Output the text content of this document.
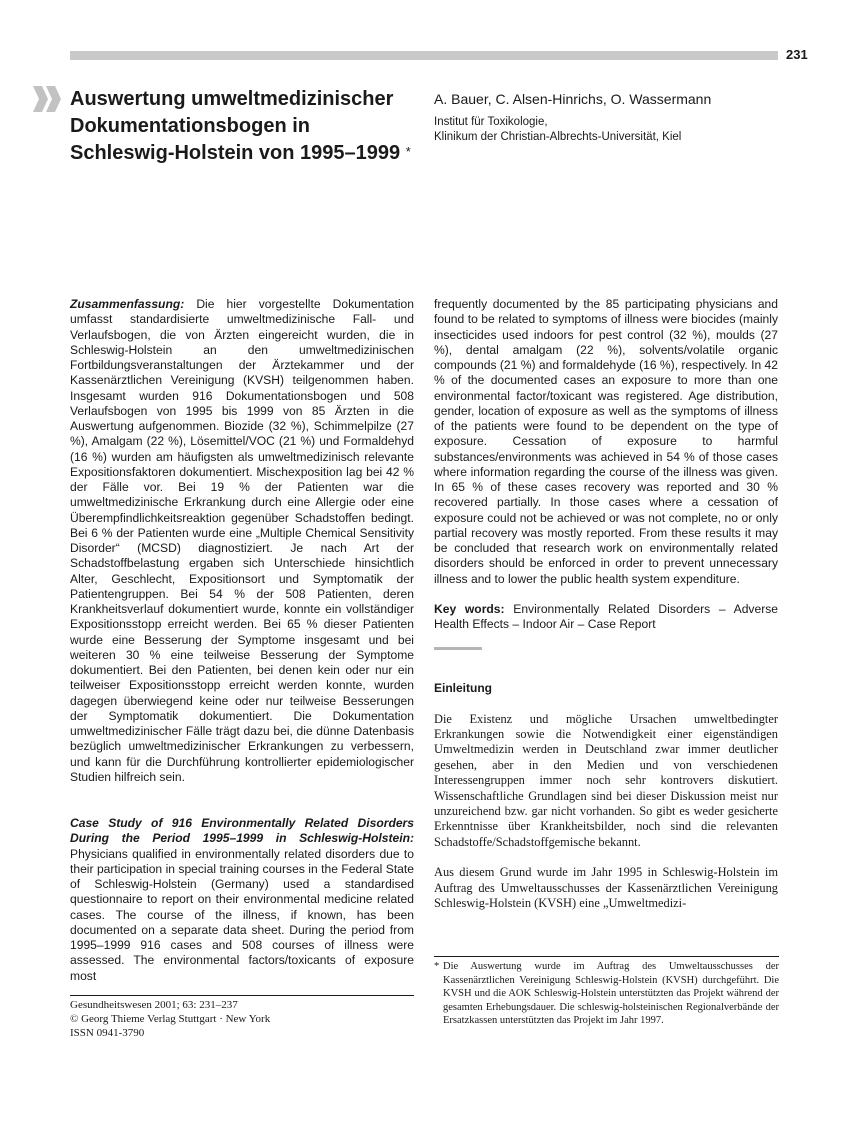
231
Auswertung umweltmedizinischer
Dokumentationsbogen in
Schleswig-Holstein von 1995–1999 *
A. Bauer, C. Alsen-Hinrichs, O. Wassermann
Institut für Toxikologie,
Klinikum der Christian-Albrechts-Universität, Kiel

Zusammenfassung: Die hier vorgestellte Dokumentation umfasst standardisierte umweltmedizinische Fall- und Verlaufsbogen, die von Ärzten eingereicht wurden, die in Schleswig-Holstein an den umweltmedizinischen Fortbildungsveranstaltungen der Ärztekammer und der Kassenärztlichen Vereinigung (KVSH) teilgenommen haben. Insgesamt wurden 916 Dokumentationsbogen und 508 Verlaufsbogen von 1995 bis 1999 von 85 Ärzten in die Auswertung aufgenommen. Biozide (32 %), Schimmelpilze (27 %), Amalgam (22 %), Lösemittel/VOC (21 %) und Formaldehyd (16 %) wurden am häufigsten als umweltmedizinisch relevante Expositionsfaktoren dokumentiert. Mischexposition lag bei 42 % der Fälle vor. Bei 19 % der Patienten war die umweltmedizinische Erkrankung durch eine Allergie oder eine Überempfindlichkeitsreaktion gegenüber Schadstoffen bedingt. Bei 6 % der Patienten wurde eine „Multiple Chemical Sensitivity Disorder“ (MCSD) diagnostiziert. Je nach Art der Schadstoffbelastung ergaben sich Unterschiede hinsichtlich Alter, Geschlecht, Expositionsort und Symptomatik der Patientengruppen. Bei 54 % der 508 Patienten, deren Krankheitsverlauf dokumentiert wurde, konnte ein vollständiger Expositionsstopp erreicht werden. Bei 65 % dieser Patienten wurde eine Besserung der Symptome insgesamt und bei weiteren 30 % eine teilweise Besserung der Symptome dokumentiert. Bei den Patienten, bei denen kein oder nur ein teilweiser Expositionsstopp erreicht werden konnte, wurden dagegen überwiegend keine oder nur teilweise Besserungen der Symptomatik dokumentiert. Die Dokumentation umweltmedizinischer Fälle trägt dazu bei, die dünne Datenbasis bezüglich umweltmedizinischer Erkrankungen zu verbessern, und kann für die Durchführung kontrollierter epidemiologischer Studien hilfreich sein.

Case Study of 916 Environmentally Related Disorders During the Period 1995–1999 in Schleswig-Holstein: Physicians qualified in environmentally related disorders due to their participation in special training courses in the Federal State of Schleswig-Holstein (Germany) used a standardised questionnaire to report on their environmental medicine related cases. The course of the illness, if known, has been documented on a separate data sheet. During the period from 1995–1999 916 cases and 508 courses of illness were assessed. The environmental factors/toxicants of exposure most

frequently documented by the 85 participating physicians and found to be related to symptoms of illness were biocides (mainly insecticides used indoors for pest control (32 %), moulds (27 %), dental amalgam (22 %), solvents/volatile organic compounds (21 %) and formaldehyde (16 %), respectively. In 42 % of the documented cases an exposure to more than one environmental factor/toxicant was registered. Age distribution, gender, location of exposure as well as the symptoms of illness of the patients were found to be dependent on the type of exposure. Cessation of exposure to harmful substances/environments was achieved in 54 % of those cases where information regarding the course of the illness was given. In 65 % of these cases recovery was reported and 30 % recovered partially. In those cases where a cessation of exposure could not be achieved or was not complete, no or only partial recovery was mostly reported. From these results it may be concluded that research work on environmentally related disorders should be enforced in order to prevent unnecessary illness and to lower the public health system expenditure.

Key words: Environmentally Related Disorders – Adverse Health Effects – Indoor Air – Case Report

Einleitung

Die Existenz und mögliche Ursachen umweltbedingter Erkrankungen sowie die Notwendigkeit einer eigenständigen Umweltmedizin werden in Deutschland zwar immer deutlicher gesehen, aber in den Medien und von verschiedenen Interessengruppen immer noch sehr kontrovers diskutiert. Wissenschaftliche Grundlagen sind bei dieser Diskussion meist nur unzureichend bzw. gar nicht vorhanden. So gibt es weder gesicherte Erkenntnisse über Krankheitsbilder, noch sind die relevanten Schadstoffe/Schadstoffgemische bekannt.

Aus diesem Grund wurde im Jahr 1995 in Schleswig-Holstein im Auftrag des Umweltausschusses der Kassenärztlichen Vereinigung Schleswig-Holstein (KVSH) eine „Umweltmedizi-

* Die Auswertung wurde im Auftrag des Umweltausschusses der Kassenärztlichen Vereinigung Schleswig-Holstein (KVSH) durchgeführt. Die KVSH und die AOK Schleswig-Holstein unterstützten das Projekt während der gesamten Erhebungsdauer. Die schleswig-holsteinischen Regionalverbände der Ersatzkassen unterstützten das Projekt im Jahr 1997.
Gesundheitswesen 2001; 63: 231–237
© Georg Thieme Verlag Stuttgart · New York
ISSN 0941-3790
